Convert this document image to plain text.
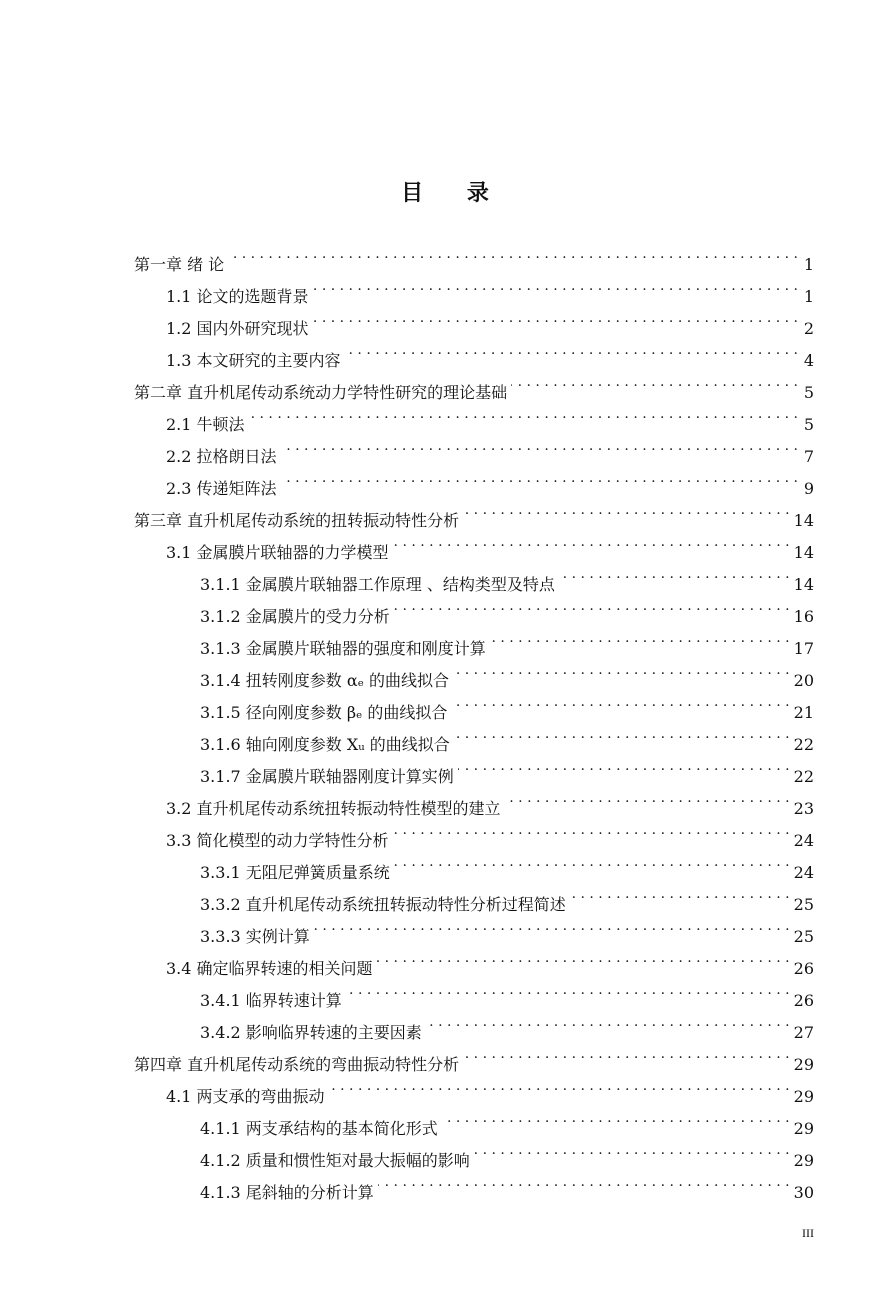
目 录
第一章 绪 论 . . .	1
1.1 论文的选题背景 . . .	1
1.2 国内外研究现状 . . .	2
1.3 本文研究的主要内容 . . .	4
第二章 直升机尾传动系统动力学特性研究的理论基础 . . .	5
2.1 牛顿法 . . .	5
2.2 拉格朗日法 . . .	7
2.3 传递矩阵法 . . .	9
第三章 直升机尾传动系统的扭转振动特性分析 . . .	14
3.1 金属膜片联轴器的力学模型 . . .	14
3.1.1 金属膜片联轴器工作原理 、结构类型及特点 . . .	14
3.1.2 金属膜片的受力分析 . . .	16
3.1.3 金属膜片联轴器的强度和刚度计算 . . .	17
3.1.4 扭转刚度参数 αₑ 的曲线拟合 . . .	20
3.1.5 径向刚度参数 βₑ 的曲线拟合 . . .	21
3.1.6 轴向刚度参数 Xᵤ 的曲线拟合 . . .	22
3.1.7 金属膜片联轴器刚度计算实例 . . .	22
3.2 直升机尾传动系统扭转振动特性模型的建立 . . .	23
3.3 简化模型的动力学特性分析 . . .	24
3.3.1 无阻尼弹簧质量系统 . . .	24
3.3.2 直升机尾传动系统扭转振动特性分析过程简述 . . .	25
3.3.3 实例计算 . . .	25
3.4 确定临界转速的相关问题 . . .	26
3.4.1 临界转速计算 . . .	26
3.4.2 影响临界转速的主要因素 . . .	27
第四章 直升机尾传动系统的弯曲振动特性分析 . . .	29
4.1 两支承的弯曲振动 . . .	29
4.1.1 两支承结构的基本简化形式 . . .	29
4.1.2 质量和惯性矩对最大振幅的影响 . . .	29
4.1.3 尾斜轴的分析计算 . . .	30
III
